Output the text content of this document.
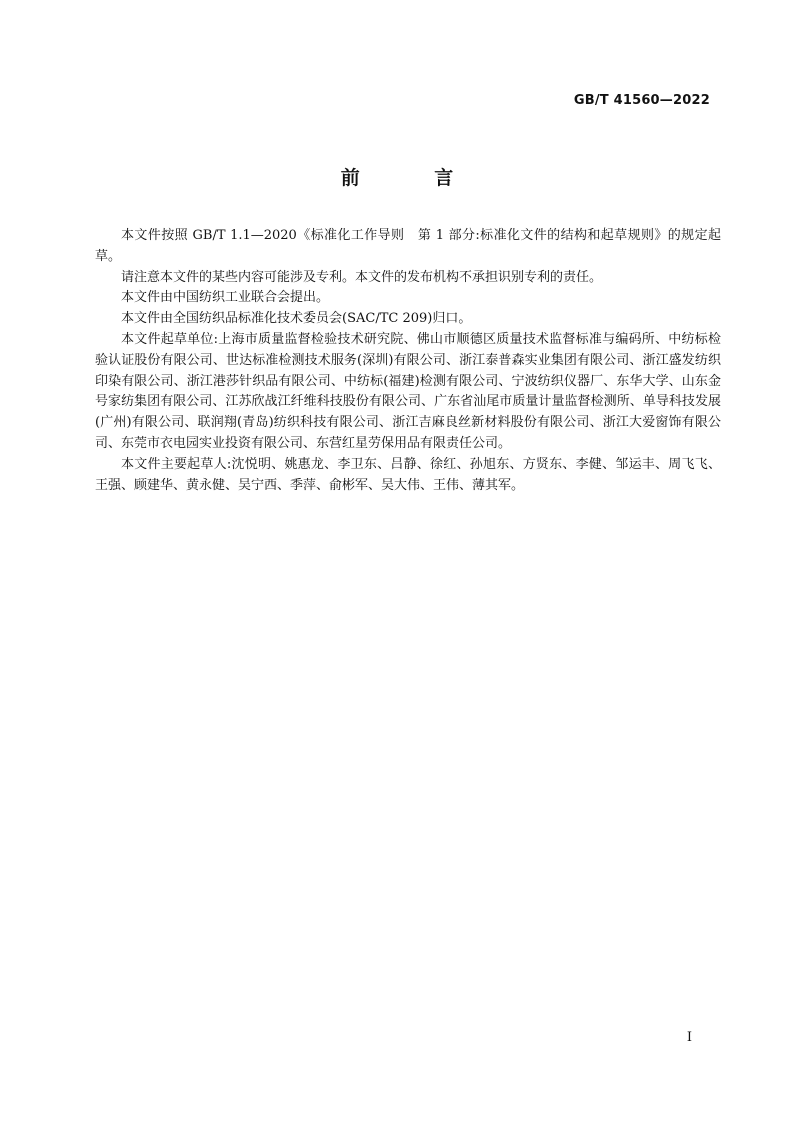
GB/T 41560—2022
前 言

本文件按照 GB/T 1.1—2020《标准化工作导则　第 1 部分:标准化文件的结构和起草规则》的规定起草。

请注意本文件的某些内容可能涉及专利。本文件的发布机构不承担识别专利的责任。

本文件由中国纺织工业联合会提出。

本文件由全国纺织品标准化技术委员会(SAC/TC 209)归口。

本文件起草单位:上海市质量监督检验技术研究院、佛山市顺德区质量技术监督标准与编码所、中纺标检验认证股份有限公司、世达标准检测技术服务(深圳)有限公司、浙江泰普森实业集团有限公司、浙江盛发纺织印染有限公司、浙江港莎针织品有限公司、中纺标(福建)检测有限公司、宁波纺织仪器厂、东华大学、山东金号家纺集团有限公司、江苏欣战江纤维科技股份有限公司、广东省汕尾市质量计量监督检测所、单导科技发展(广州)有限公司、联润翔(青岛)纺织科技有限公司、浙江吉麻良丝新材料股份有限公司、浙江大爱窗饰有限公司、东莞市衣电园实业投资有限公司、东营红星劳保用品有限责任公司。

本文件主要起草人:沈悦明、姚惠龙、李卫东、吕静、徐红、孙旭东、方贤东、李健、邹运丰、周飞飞、王强、顾建华、黄永健、吴宁西、季萍、俞彬军、吴大伟、王伟、薄其军。

I
